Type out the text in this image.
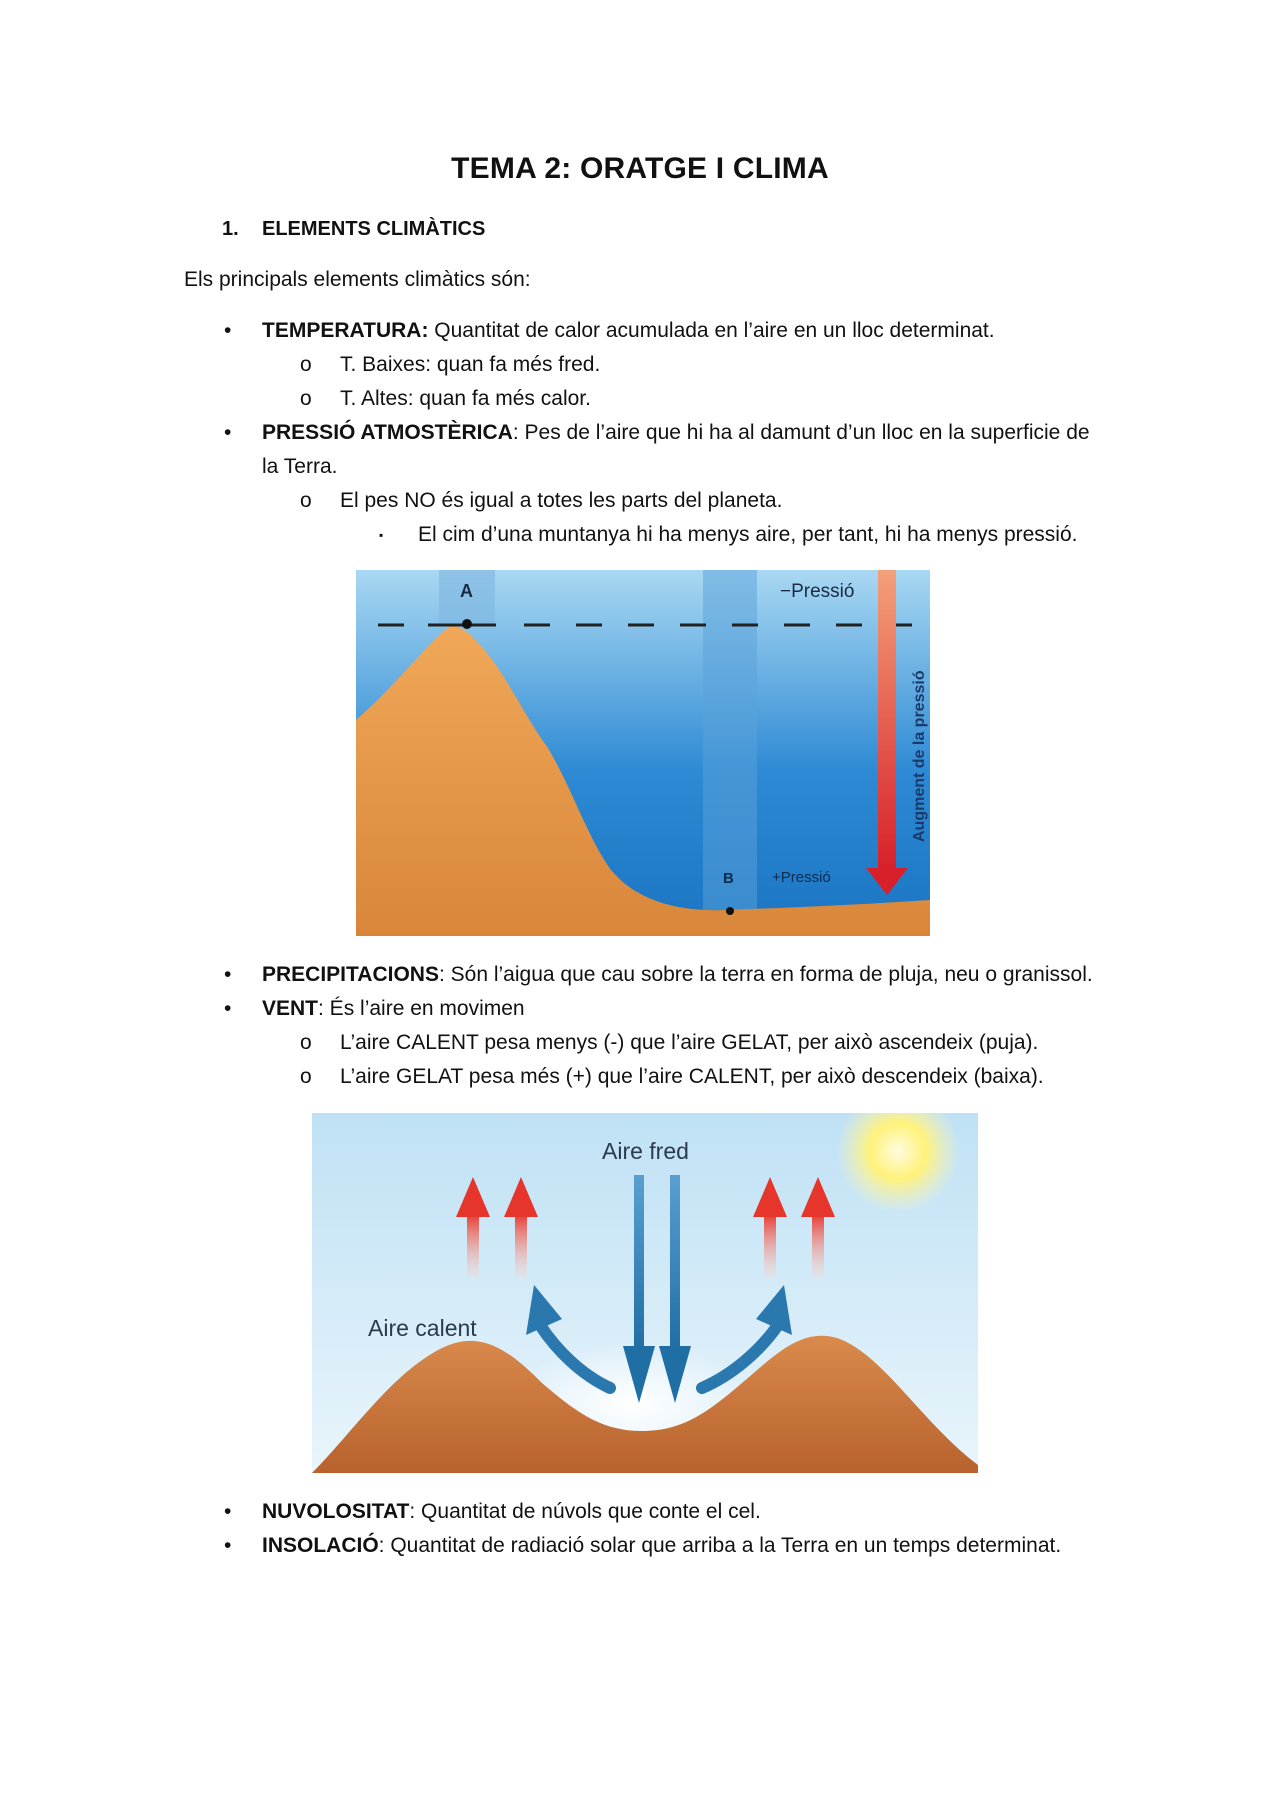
TEMA 2: ORATGE I CLIMA
1. ELEMENTS CLIMÀTICS
Els principals elements climàtics són:
• TEMPERATURA: Quantitat de calor acumulada en l’aire en un lloc determinat.
o T. Baixes: quan fa més fred.
o T. Altes: quan fa més calor.
• PRESSIÓ ATMOSTÈRICA: Pes de l’aire que hi ha al damunt d’un lloc en la superficie de
la Terra.
o El pes NO és igual a totes les parts del planeta.
▪ El cim d’una muntanya hi ha menys aire, per tant, hi ha menys pressió.
A
B
−Pressió
+Pressió
Augment de la pressió
• PRECIPITACIONS: Són l’aigua que cau sobre la terra en forma de pluja, neu o granissol.
• VENT: És l’aire en movimen
o L’aire CALENT pesa menys (-) que l’aire GELAT, per això ascendeix (puja).
o L’aire GELAT pesa més (+) que l’aire CALENT, per això descendeix (baixa).
Aire fred
Aire calent
• NUVOLOSITAT: Quantitat de núvols que conte el cel.
• INSOLACIÓ: Quantitat de radiació solar que arriba a la Terra en un temps determinat.
